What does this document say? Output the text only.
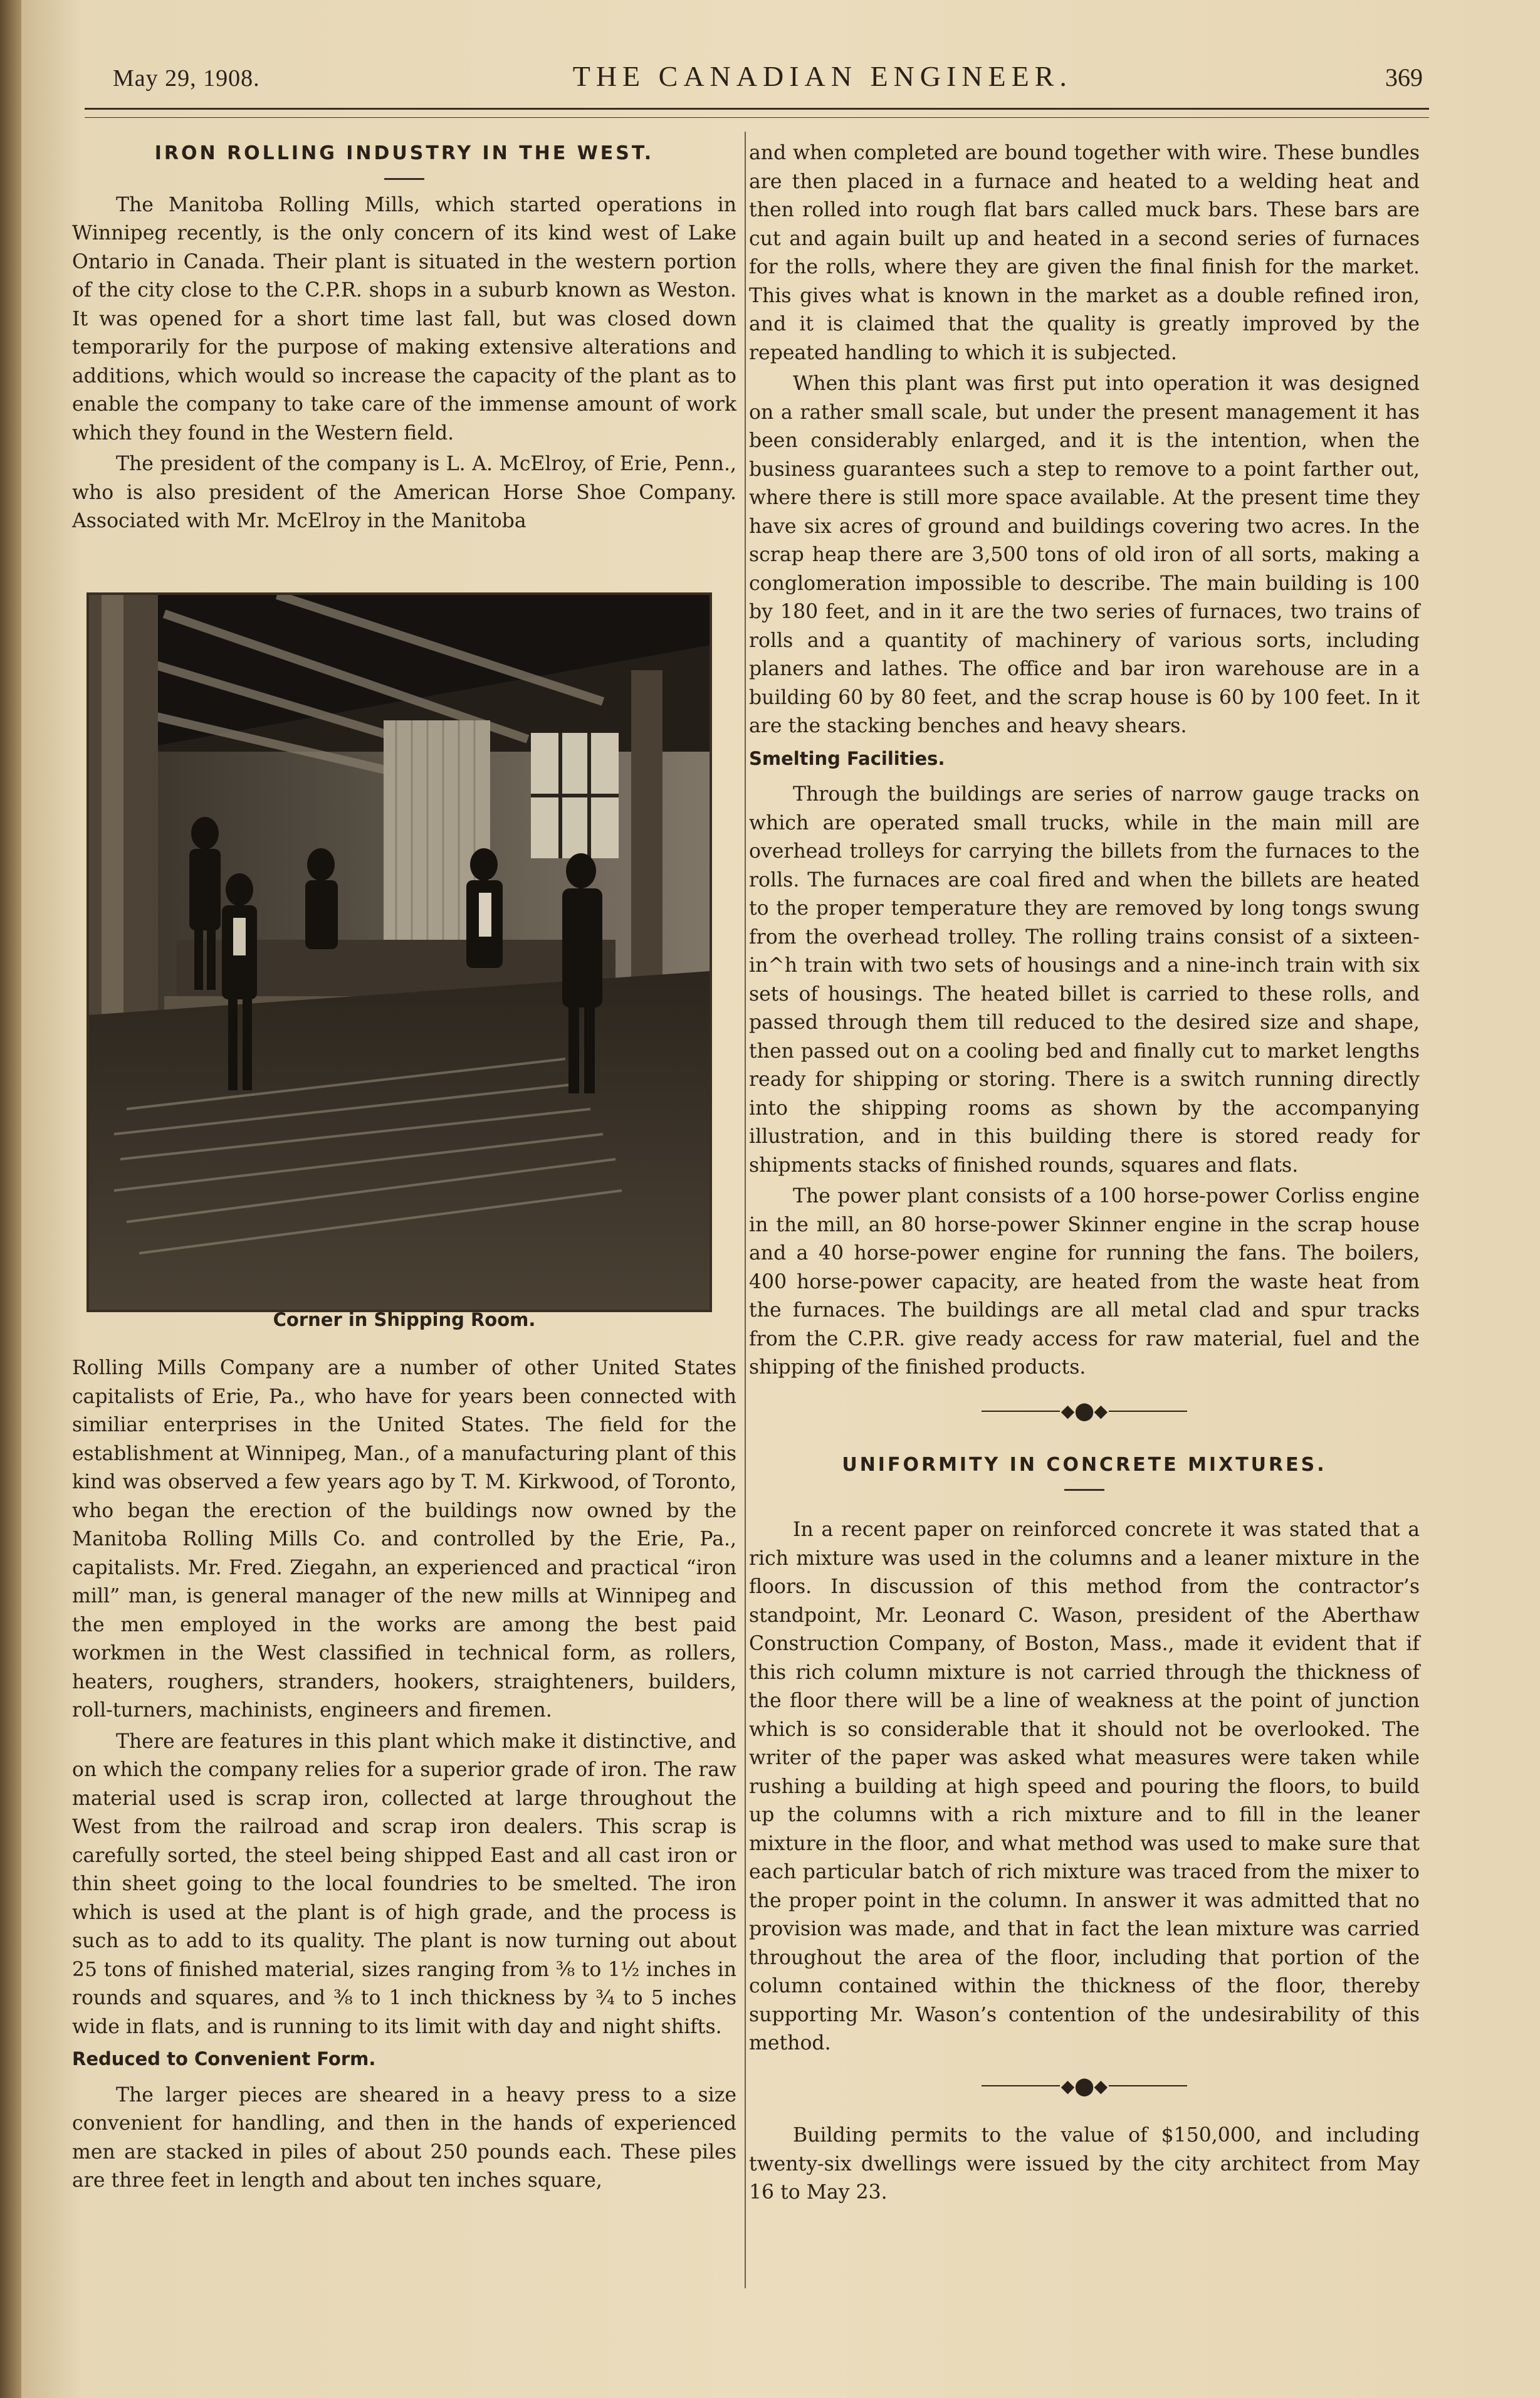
May 29, 1908.	THE CANADIAN ENGINEER.	369
IRON ROLLING INDUSTRY IN THE WEST.

The Manitoba Rolling Mills, which started operations in Winnipeg recently, is the only concern of its kind west of Lake Ontario in Canada. Their plant is situated in the western portion of the city close to the C.P.R. shops in a suburb known as Weston. It was opened for a short time last fall, but was closed down temporarily for the purpose of making extensive alterations and additions, which would so increase the capacity of the plant as to enable the company to take care of the immense amount of work which they found in the Western field.

The president of the company is L. A. McElroy, of Erie, Penn., who is also president of the American Horse Shoe Company. Associated with Mr. McElroy in the Manitoba

Corner in Shipping Room.

Rolling Mills Company are a number of other United States capitalists of Erie, Pa., who have for years been connected with similiar enterprises in the United States. The field for the establishment at Winnipeg, Man., of a manufacturing plant of this kind was observed a few years ago by T. M. Kirkwood, of Toronto, who began the erection of the buildings now owned by the Manitoba Rolling Mills Co. and controlled by the Erie, Pa., capitalists. Mr. Fred. Ziegahn, an experienced and practical “iron mill” man, is general manager of the new mills at Winnipeg and the men employed in the works are among the best paid workmen in the West classified in technical form, as rollers, heaters, roughers, stranders, hookers, straighteners, builders, roll-turners, machinists, engineers and firemen.

There are features in this plant which make it distinctive, and on which the company relies for a superior grade of iron. The raw material used is scrap iron, collected at large throughout the West from the railroad and scrap iron dealers. This scrap is carefully sorted, the steel being shipped East and all cast iron or thin sheet going to the local foundries to be smelted. The iron which is used at the plant is of high grade, and the process is such as to add to its quality. The plant is now turning out about 25 tons of finished material, sizes ranging from ⅜ to 1½ inches in rounds and squares, and ⅜ to 1 inch thickness by ¾ to 5 inches wide in flats, and is running to its limit with day and night shifts.

Reduced to Convenient Form.

The larger pieces are sheared in a heavy press to a size convenient for handling, and then in the hands of experienced men are stacked in piles of about 250 pounds each. These piles are three feet in length and about ten inches square,

and when completed are bound together with wire. These bundles are then placed in a furnace and heated to a welding heat and then rolled into rough flat bars called muck bars. These bars are cut and again built up and heated in a second series of furnaces for the rolls, where they are given the final finish for the market. This gives what is known in the market as a double refined iron, and it is claimed that the quality is greatly improved by the repeated handling to which it is subjected.

When this plant was first put into operation it was designed on a rather small scale, but under the present management it has been considerably enlarged, and it is the intention, when the business guarantees such a step to remove to a point farther out, where there is still more space available. At the present time they have six acres of ground and buildings covering two acres. In the scrap heap there are 3,500 tons of old iron of all sorts, making a conglomeration impossible to describe. The main building is 100 by 180 feet, and in it are the two series of furnaces, two trains of rolls and a quantity of machinery of various sorts, including planers and lathes. The office and bar iron warehouse are in a building 60 by 80 feet, and the scrap house is 60 by 100 feet. In it are the stacking benches and heavy shears.

Smelting Facilities.

Through the buildings are series of narrow gauge tracks on which are operated small trucks, while in the main mill are overhead trolleys for carrying the billets from the furnaces to the rolls. The furnaces are coal fired and when the billets are heated to the proper temperature they are removed by long tongs swung from the overhead trolley. The rolling trains consist of a sixteen-in^h train with two sets of housings and a nine-inch train with six sets of housings. The heated billet is carried to these rolls, and passed through them till reduced to the desired size and shape, then passed out on a cooling bed and finally cut to market lengths ready for shipping or storing. There is a switch running directly into the shipping rooms as shown by the accompanying illustration, and in this building there is stored ready for shipments stacks of finished rounds, squares and flats.

The power plant consists of a 100 horse-power Corliss engine in the mill, an 80 horse-power Skinner engine in the scrap house and a 40 horse-power engine for running the fans. The boilers, 400 horse-power capacity, are heated from the waste heat from the furnaces. The buildings are all metal clad and spur tracks from the C.P.R. give ready access for raw material, fuel and the shipping of the finished products.

◆⬤◆
UNIFORMITY IN CONCRETE MIXTURES.

In a recent paper on reinforced concrete it was stated that a rich mixture was used in the columns and a leaner mixture in the floors. In discussion of this method from the contractor’s standpoint, Mr. Leonard C. Wason, president of the Aberthaw Construction Company, of Boston, Mass., made it evident that if this rich column mixture is not carried through the thickness of the floor there will be a line of weakness at the point of junction which is so considerable that it should not be overlooked. The writer of the paper was asked what measures were taken while rushing a building at high speed and pouring the floors, to build up the columns with a rich mixture and to fill in the leaner mixture in the floor, and what method was used to make sure that each particular batch of rich mixture was traced from the mixer to the proper point in the column. In answer it was admitted that no provision was made, and that in fact the lean mixture was carried throughout the area of the floor, including that portion of the column contained within the thickness of the floor, thereby supporting Mr. Wason’s contention of the undesirability of this method.

◆⬤◆

Building permits to the value of $150,000, and including twenty-six dwellings were issued by the city architect from May 16 to May 23.
